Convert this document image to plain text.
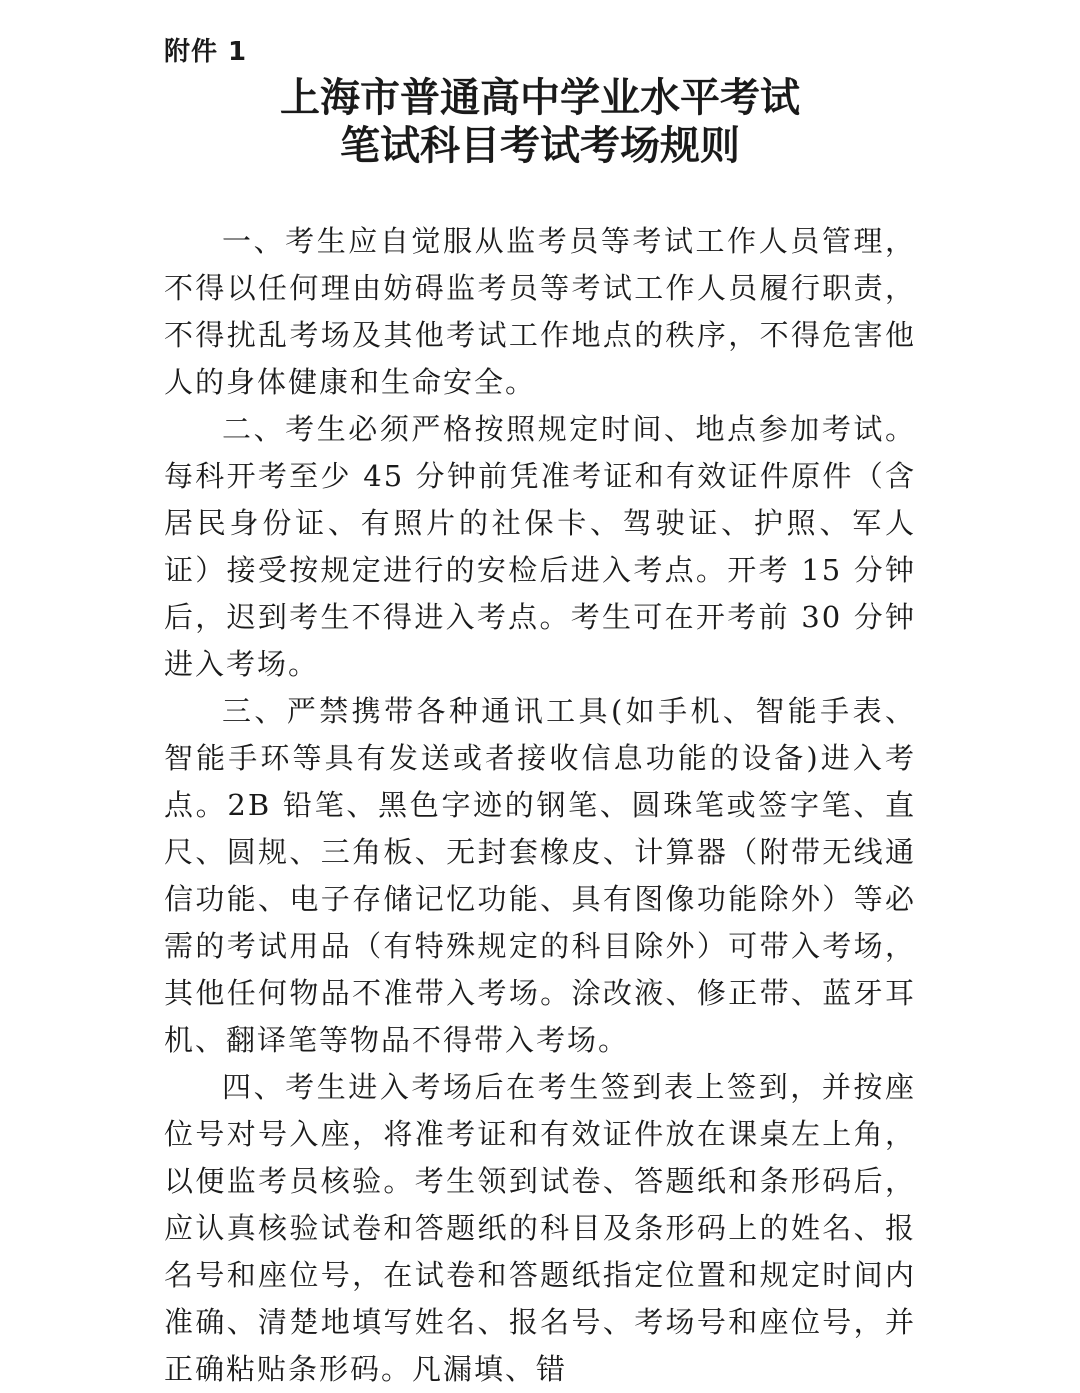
附件 1
上海市普通高中学业水平考试
笔试科目考试考场规则

一、考生应自觉服从监考员等考试工作人员管理，不得以任何理由妨碍监考员等考试工作人员履行职责，不得扰乱考场及其他考试工作地点的秩序，不得危害他人的身体健康和生命安全。

二、考生必须严格按照规定时间、地点参加考试。每科开考至少 45 分钟前凭准考证和有效证件原件（含居民身份证、有照片的社保卡、驾驶证、护照、军人证）接受按规定进行的安检后进入考点。开考 15 分钟后，迟到考生不得进入考点。考生可在开考前 30 分钟进入考场。

三、严禁携带各种通讯工具(如手机、智能手表、智能手环等具有发送或者接收信息功能的设备)进入考点。2B 铅笔、黑色字迹的钢笔、圆珠笔或签字笔、直尺、圆规、三角板、无封套橡皮、计算器（附带无线通信功能、电子存储记忆功能、具有图像功能除外）等必需的考试用品（有特殊规定的科目除外）可带入考场，其他任何物品不准带入考场。涂改液、修正带、蓝牙耳机、翻译笔等物品不得带入考场。

四、考生进入考场后在考生签到表上签到，并按座位号对号入座，将准考证和有效证件放在课桌左上角，以便监考员核验。考生领到试卷、答题纸和条形码后，应认真核验试卷和答题纸的科目及条形码上的姓名、报名号和座位号，在试卷和答题纸指定位置和规定时间内准确、清楚地填写姓名、报名号、考场号和座位号，并正确粘贴条形码。凡漏填、错
